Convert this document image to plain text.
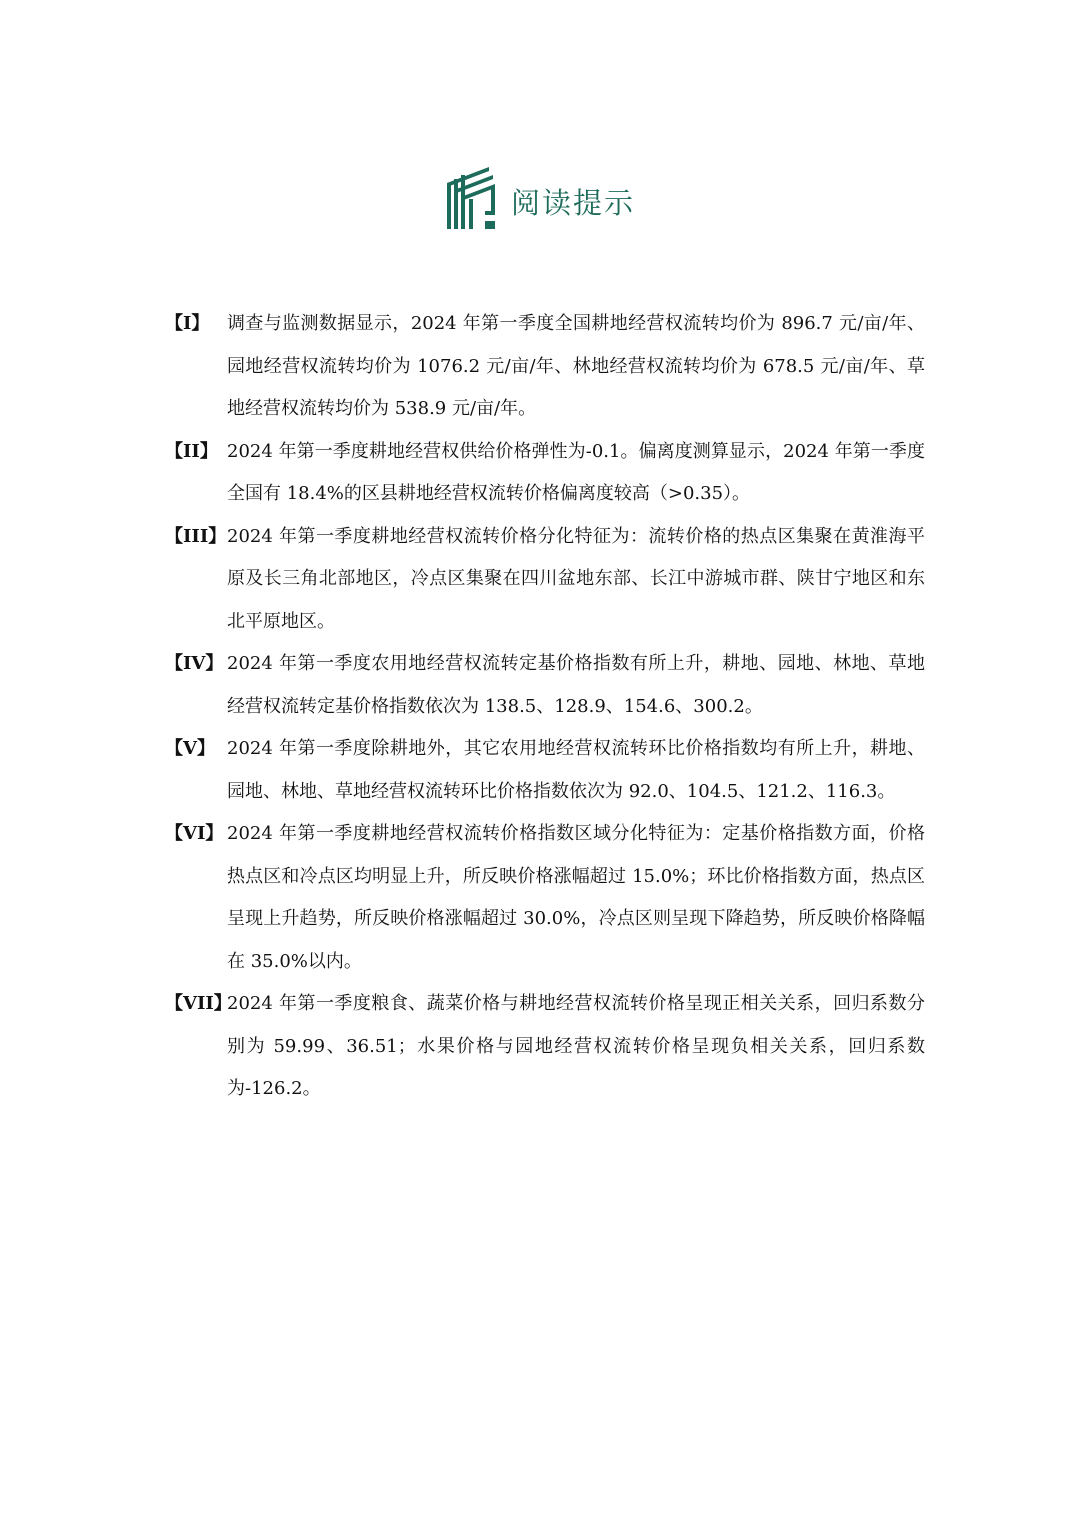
阅读提示
【I】 调查与监测数据显示，2024 年第一季度全国耕地经营权流转均价为 896.7 元/亩/年、园地经营权流转均价为 1076.2 元/亩/年、林地经营权流转均价为 678.5 元/亩/年、草地经营权流转均价为 538.9 元/亩/年。
【II】 2024 年第一季度耕地经营权供给价格弹性为-0.1。偏离度测算显示，2024 年第一季度全国有 18.4%的区县耕地经营权流转价格偏离度较高（>0.35）。
【III】 2024 年第一季度耕地经营权流转价格分化特征为：流转价格的热点区集聚在黄淮海平原及长三角北部地区，冷点区集聚在四川盆地东部、长江中游城市群、陕甘宁地区和东北平原地区。
【IV】 2024 年第一季度农用地经营权流转定基价格指数有所上升，耕地、园地、林地、草地经营权流转定基价格指数依次为 138.5、128.9、154.6、300.2。
【V】 2024 年第一季度除耕地外，其它农用地经营权流转环比价格指数均有所上升，耕地、园地、林地、草地经营权流转环比价格指数依次为 92.0、104.5、121.2、116.3。
【VI】 2024 年第一季度耕地经营权流转价格指数区域分化特征为：定基价格指数方面，价格热点区和冷点区均明显上升，所反映价格涨幅超过 15.0%；环比价格指数方面，热点区呈现上升趋势，所反映价格涨幅超过 30.0%，冷点区则呈现下降趋势，所反映价格降幅在 35.0%以内。
【VII】
2024 年第一季度粮食、蔬菜价格与耕地经营权流转价格呈现正相关关系，回归系数分别为 59.99、36.51；水果价格与园地经营权流转价格呈现负相关关系，回归系数为-126.2。
